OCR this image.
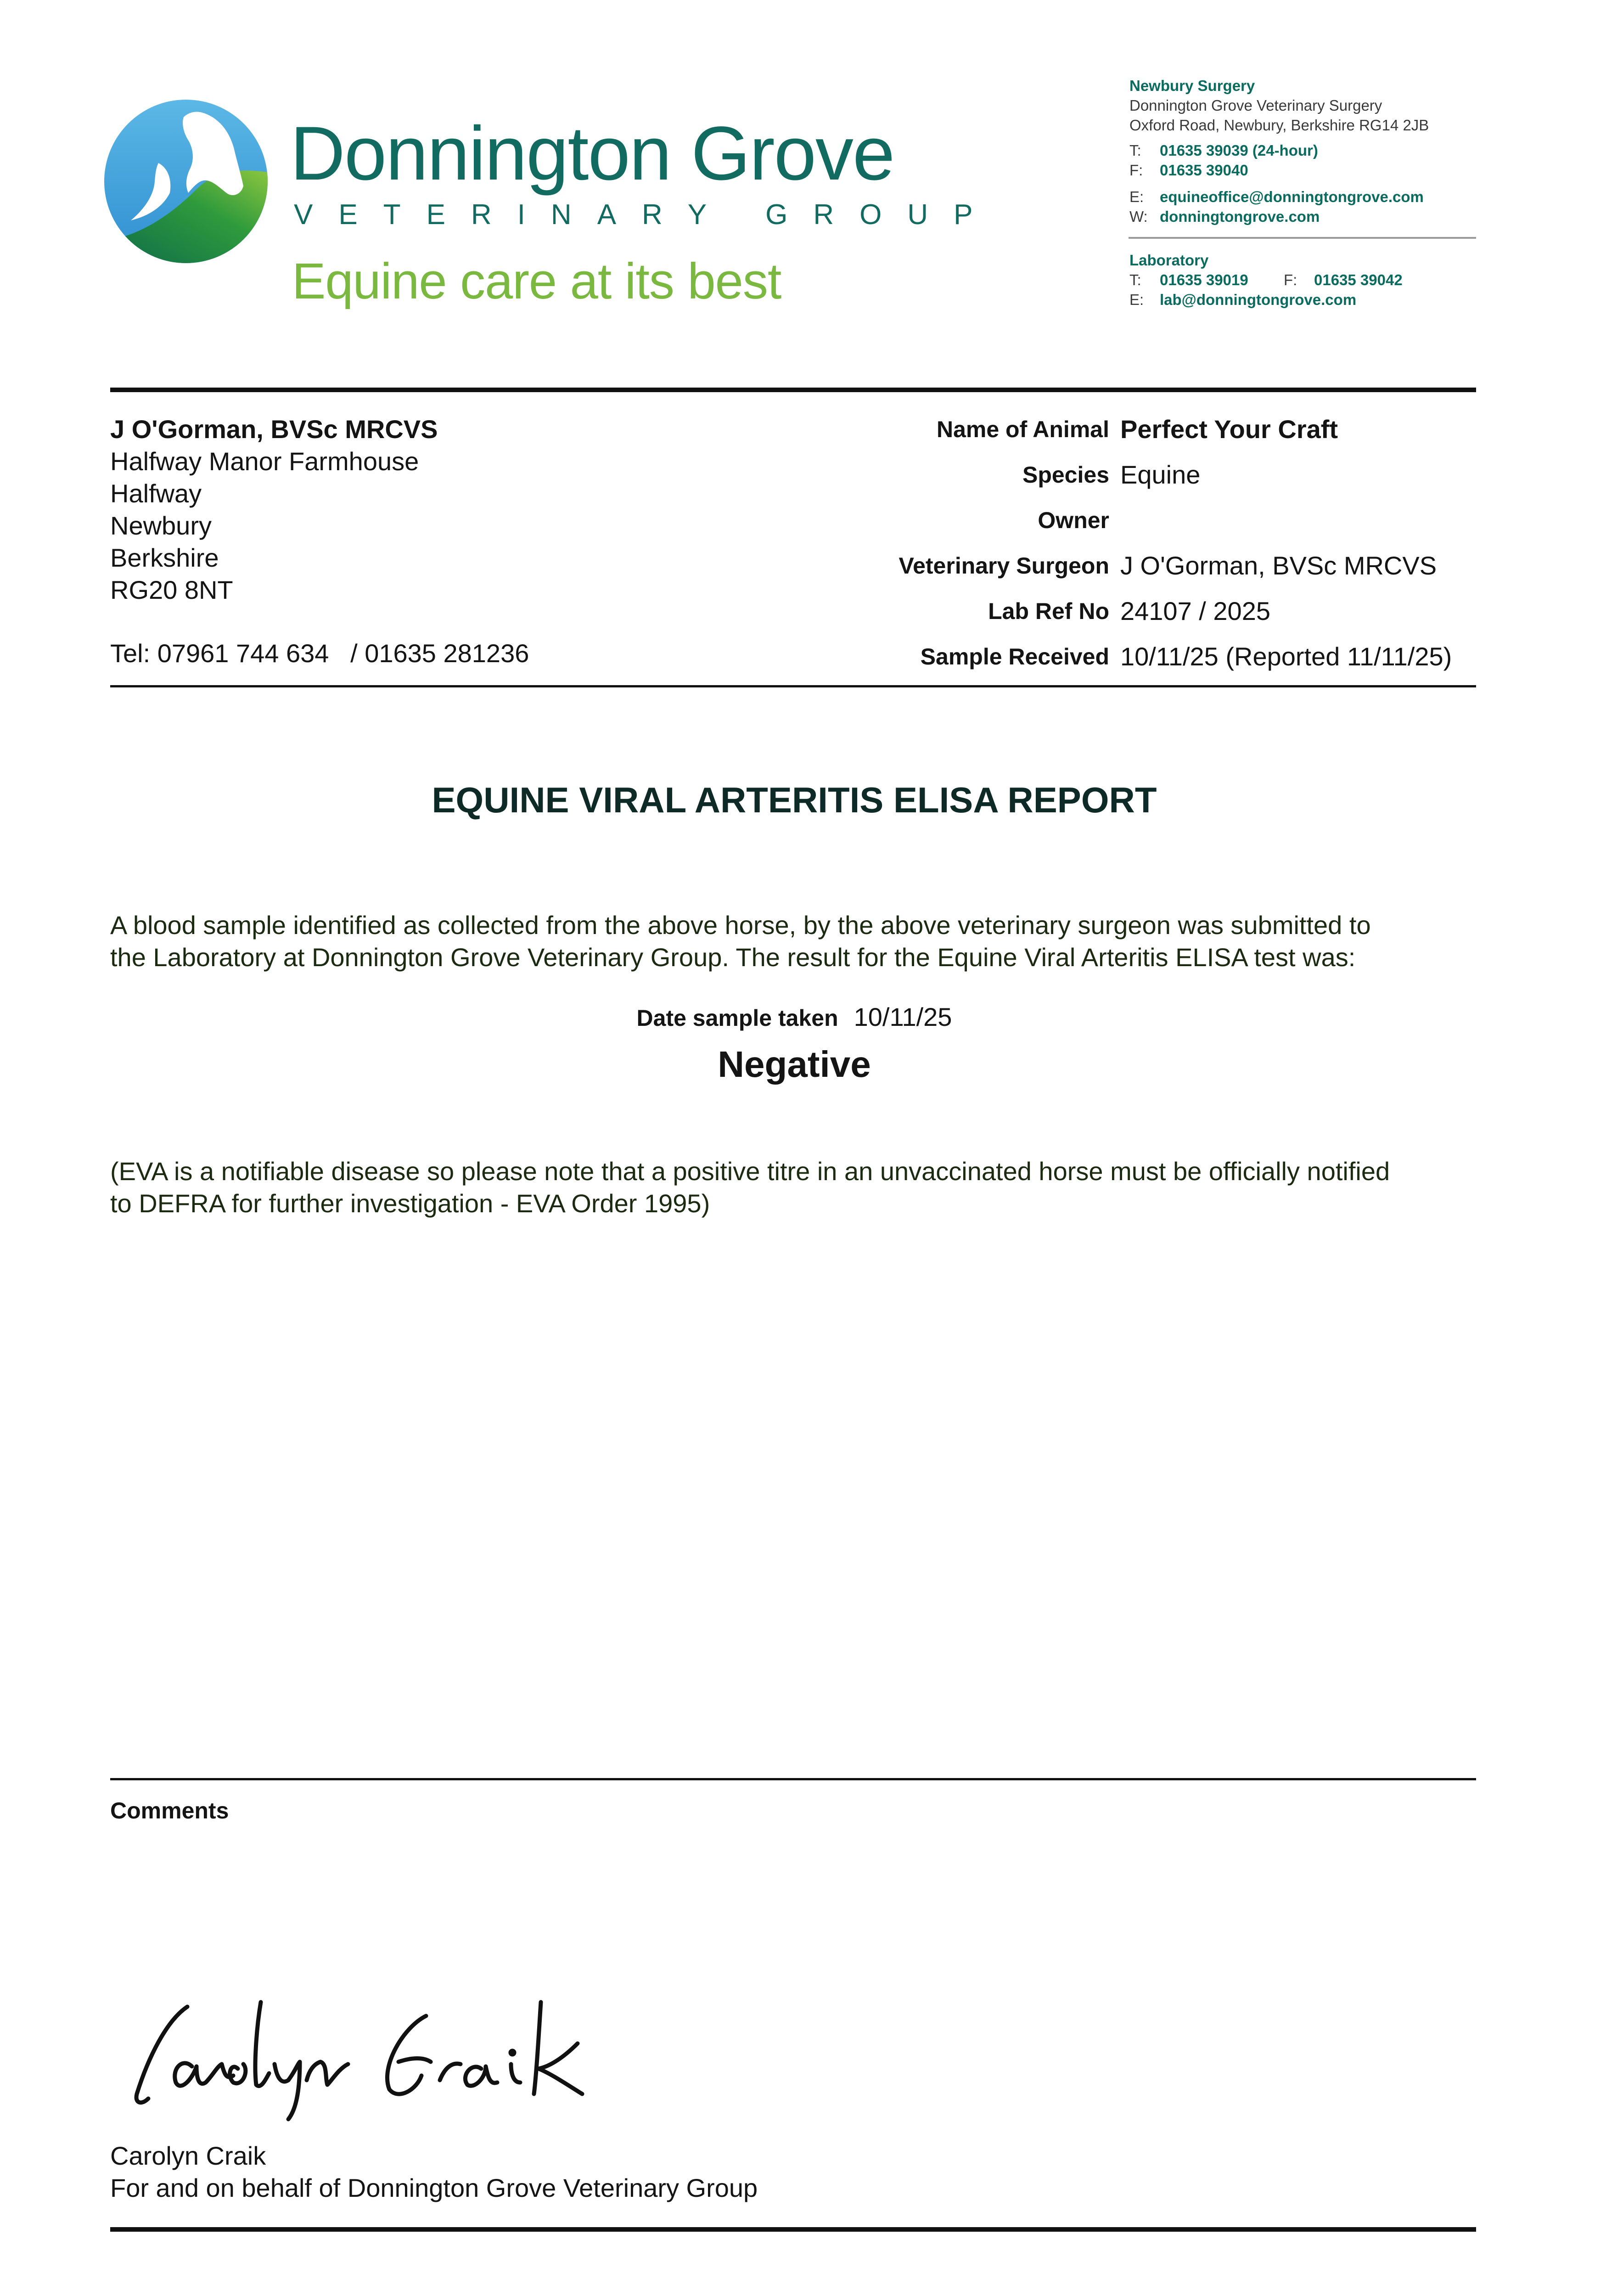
Donnington Grove
VETERINARY GROUP
Equine care at its best
Newbury Surgery
Donnington Grove Veterinary Surgery
Oxford Road, Newbury, Berkshire RG14 2JB
T: 01635 39039 (24-hour)
F: 01635 39040
E: equineoffice@donningtongrove.com
W: donningtongrove.com
Laboratory
T: 01635 39019 F: 01635 39042
E: lab@donningtongrove.com
J O'Gorman, BVSc MRCVS
Halfway Manor Farmhouse
Halfway
Newbury
Berkshire
RG20 8NT
Tel: 07961 744 634   / 01635 281236
Name of Animal Perfect Your Craft
Species Equine
Owner
Veterinary Surgeon J O'Gorman, BVSc MRCVS
Lab Ref No 24107 / 2025
Sample Received 10/11/25 (Reported 11/11/25)
EQUINE VIRAL ARTERITIS ELISA REPORT
A blood sample identified as collected from the above horse, by the above veterinary surgeon was submitted to
the Laboratory at Donnington Grove Veterinary Group. The result for the Equine Viral Arteritis ELISA test was:
Date sample taken 10/11/25
Negative
(EVA is a notifiable disease so please note that a positive titre in an unvaccinated horse must be officially notified
to DEFRA for further investigation - EVA Order 1995)
Comments
Carolyn Craik
For and on behalf of Donnington Grove Veterinary Group
